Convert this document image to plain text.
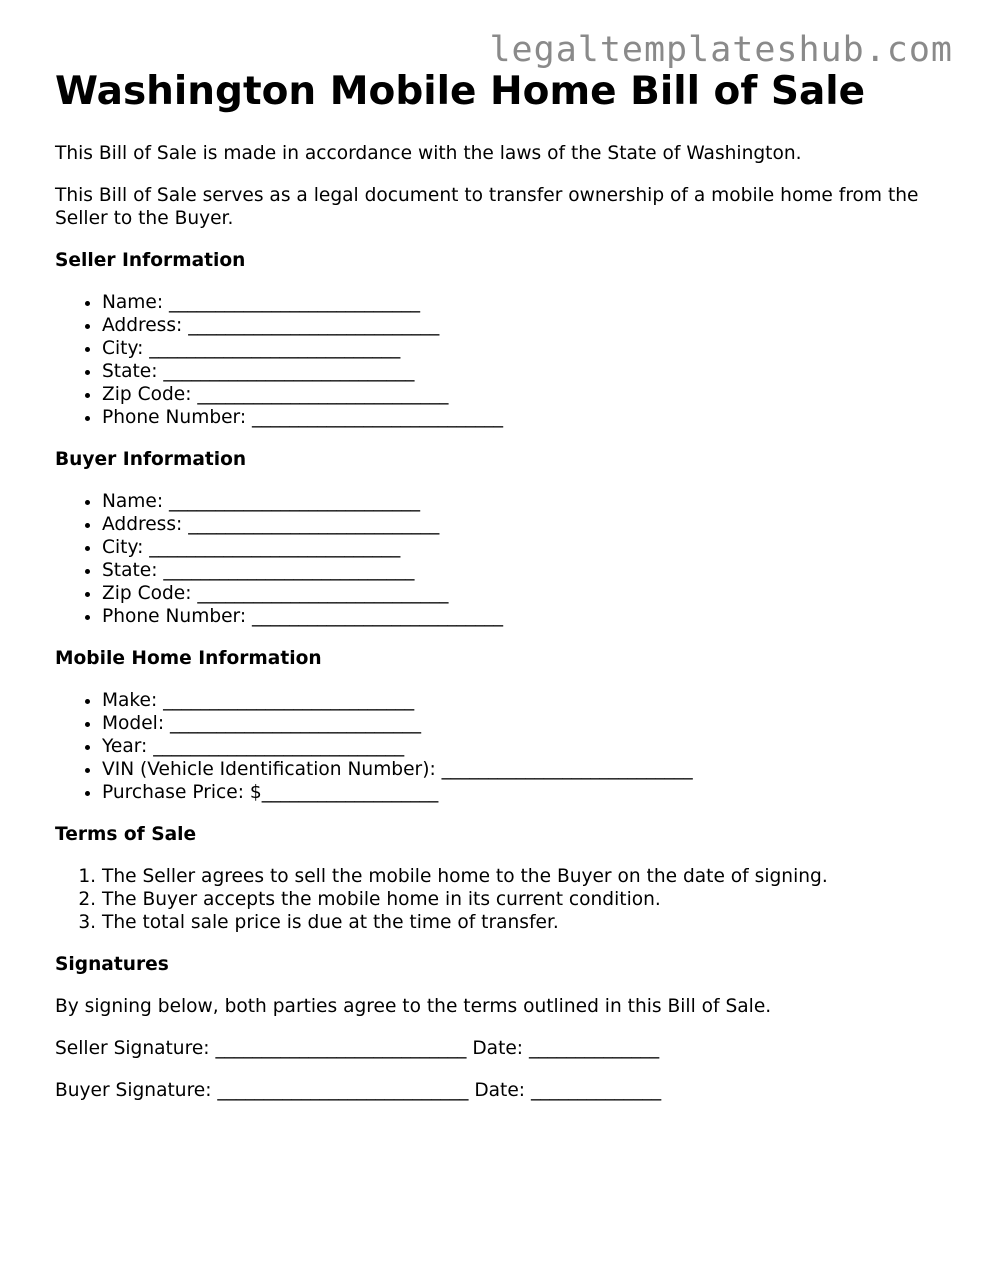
legaltemplateshub.com
Washington Mobile Home Bill of Sale

This Bill of Sale is made in accordance with the laws of the State of Washington.

This Bill of Sale serves as a legal document to transfer ownership of a mobile home from the Seller to the Buyer.

Seller Information
• Name: ___________________________
• Address: ___________________________
• City: ___________________________
• State: ___________________________
• Zip Code: ___________________________
• Phone Number: ___________________________
Buyer Information
• Name: ___________________________
• Address: ___________________________
• City: ___________________________
• State: ___________________________
• Zip Code: ___________________________
• Phone Number: ___________________________
Mobile Home Information
• Make: ___________________________
• Model: ___________________________
• Year: ___________________________
• VIN (Vehicle Identification Number): ___________________________
• Purchase Price: $___________________
Terms of Sale
1. The Seller agrees to sell the mobile home to the Buyer on the date of signing.
2. The Buyer accepts the mobile home in its current condition.
3. The total sale price is due at the time of transfer.
Signatures

By signing below, both parties agree to the terms outlined in this Bill of Sale.

Seller Signature: ___________________________ Date: ______________
Buyer Signature: ___________________________ Date: ______________
